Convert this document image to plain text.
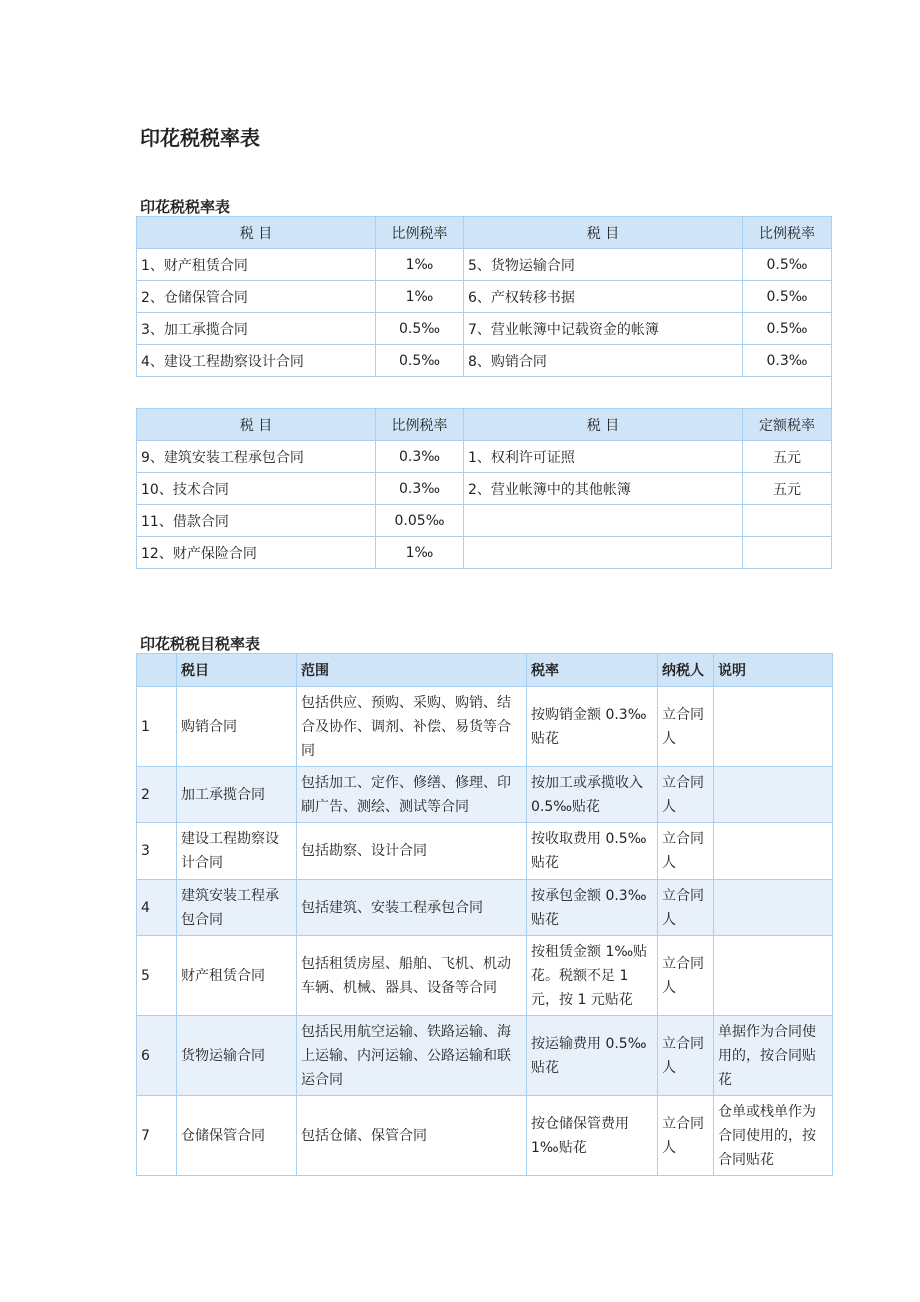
印花税税率表

印花税税率表

税 目	比例税率	税 目	比例税率
1、财产租赁合同	1‰	5、货物运输合同	0.5‰
2、仓储保管合同	1‰	6、产权转移书据	0.5‰
3、加工承揽合同	0.5‰	7、营业帐簿中记载资金的帐簿	0.5‰
4、建设工程勘察设计合同	0.5‰	8、购销合同	0.3‰

税 目	比例税率	税 目	定额税率
9、建筑安装工程承包合同	0.3‰	1、权利许可证照	五元
10、技术合同	0.3‰	2、营业帐簿中的其他帐簿	五元
11、借款合同	0.05‰		
12、财产保险合同	1‰		

印花税税目税率表

	税目	范围	税率	纳税人	说明
1	购销合同	包括供应、预购、采购、购销、结合及协作、调剂、补偿、易货等合同	按购销金额 0.3‰贴花	立合同人	
2	加工承揽合同	包括加工、定作、修缮、修理、印刷广告、测绘、测试等合同	按加工或承揽收入 0.5‰贴花	立合同人	
3	建设工程勘察设计合同	包括勘察、设计合同	按收取费用 0.5‰贴花	立合同人	
4	建筑安装工程承包合同	包括建筑、安装工程承包合同	按承包金额 0.3‰贴花	立合同人	
5	财产租赁合同	包括租赁房屋、船舶、飞机、机动车辆、机械、器具、设备等合同	按租赁金额 1‰贴花。税额不足 1 元，按 1 元贴花	立合同人	
6	货物运输合同	包括民用航空运输、铁路运输、海上运输、内河运输、公路运输和联运合同	按运输费用 0.5‰贴花	立合同人	单据作为合同使用的，按合同贴花
7	仓储保管合同	包括仓储、保管合同	按仓储保管费用 1‰贴花	立合同人	仓单或栈单作为合同使用的，按合同贴花
